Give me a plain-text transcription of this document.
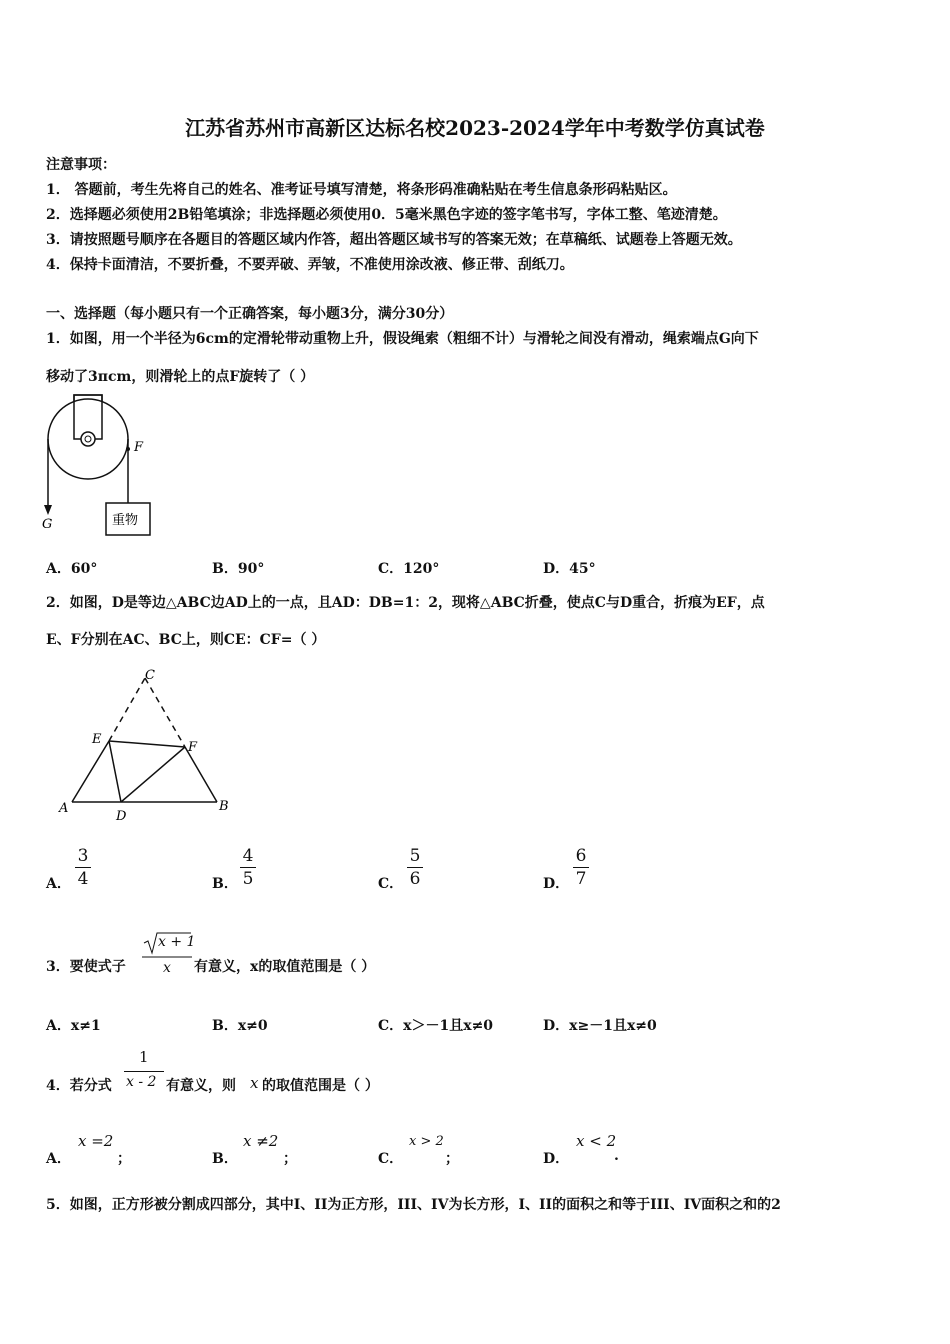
江苏省苏州市高新区达标名校2023-2024学年中考数学仿真试卷
注意事项：
1． 答题前，考生先将自己的姓名、准考证号填写清楚，将条形码准确粘贴在考生信息条形码粘贴区。
2．选择题必须使用2B铅笔填涂；非选择题必须使用0．5毫米黑色字迹的签字笔书写，字体工整、笔迹清楚。
3．请按照题号顺序在各题目的答题区域内作答，超出答题区域书写的答案无效；在草稿纸、试题卷上答题无效。
4．保持卡面清洁，不要折叠，不要弄破、弄皱，不准使用涂改液、修正带、刮纸刀。
一、选择题（每小题只有一个正确答案，每小题3分，满分30分）
1．如图，用一个半径为6cm的定滑轮带动重物上升，假设绳索（粗细不计）与滑轮之间没有滑动，绳索端点G向下
移动了3πcm，则滑轮上的点F旋转了（ ）
重物
F
G
A．60°	B．90°	C．120°	D．45°
2．如图，D是等边△ABC边AD上的一点，且AD：DB=1：2，现将△ABC折叠，使点C与D重合，折痕为EF，点
E、F分别在AC、BC上，则CE：CF=（ ）
C
E
F
A
D
B
A．
3
4	B．
4
5	C．
5
6	D．
6
7
3．要使式子
x + 1
x 有意义，x的取值范围是（ ）
A．x≠1	B．x≠0	C．x＞－1且x≠0	D．x≥－1且x≠0
4．若分式
1
x - 2 有意义，则 x 的取值范围是（ ）
A．
x =2
；	B．
x ≠2
；	C．
x > 2
；	D．
x < 2
.
5．如图，正方形被分割成四部分，其中I、II为正方形，III、IV为长方形，I、II的面积之和等于III、IV面积之和的2
